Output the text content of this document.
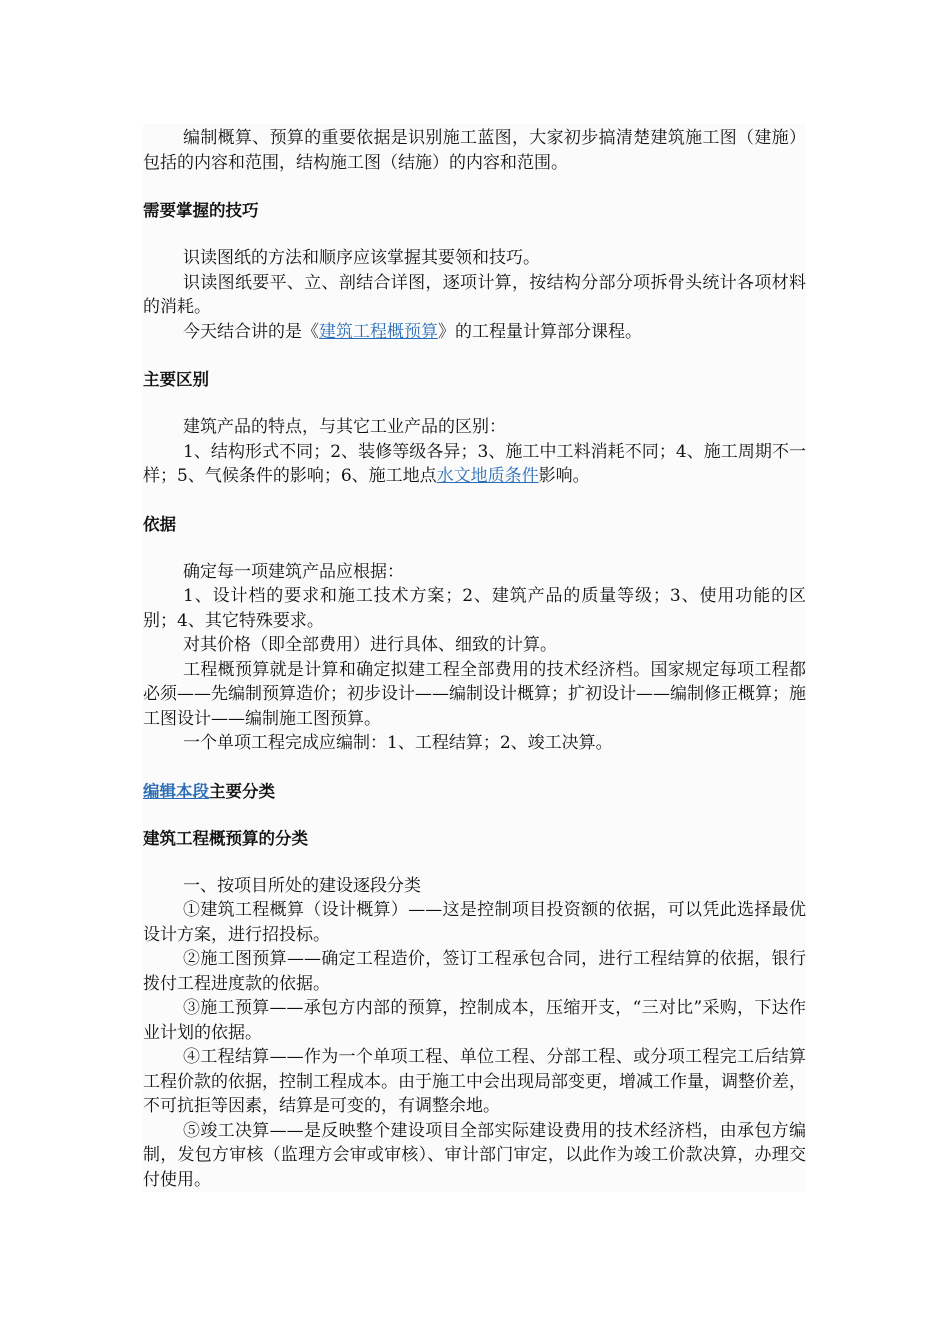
编制概算、预算的重要依据是识别施工蓝图，大家初步搞清楚建筑施工图（建施）包括的内容和范围，结构施工图（结施）的内容和范围。

需要掌握的技巧

识读图纸的方法和顺序应该掌握其要领和技巧。

识读图纸要平、立、剖结合详图，逐项计算，按结构分部分项拆骨头统计各项材料的消耗。

今天结合讲的是《建筑工程概预算》的工程量计算部分课程。

主要区别

建筑产品的特点，与其它工业产品的区别：

1、结构形式不同；2、装修等级各异；3、施工中工料消耗不同；4、施工周期不一样；5、气候条件的影响；6、施工地点水文地质条件影响。

依据

确定每一项建筑产品应根据：

1、设计档的要求和施工技术方案；2、建筑产品的质量等级；3、使用功能的区别；4、其它特殊要求。

对其价格（即全部费用）进行具体、细致的计算。

工程概预算就是计算和确定拟建工程全部费用的技术经济档。国家规定每项工程都必须——先编制预算造价；初步设计——编制设计概算；扩初设计——编制修正概算；施工图设计——编制施工图预算。

一个单项工程完成应编制：1、工程结算；2、竣工决算。

编辑本段主要分类
建筑工程概预算的分类

一、按项目所处的建设逐段分类

①建筑工程概算（设计概算）——这是控制项目投资额的依据，可以凭此选择最优设计方案，进行招投标。

②施工图预算——确定工程造价，签订工程承包合同，进行工程结算的依据，银行拨付工程进度款的依据。

③施工预算——承包方内部的预算，控制成本，压缩开支，“三对比”采购，下达作业计划的依据。

④工程结算——作为一个单项工程、单位工程、分部工程、或分项工程完工后结算工程价款的依据，控制工程成本。由于施工中会出现局部变更，增减工作量，调整价差，不可抗拒等因素，结算是可变的，有调整余地。

⑤竣工决算——是反映整个建设项目全部实际建设费用的技术经济档，由承包方编制，发包方审核（监理方会审或审核）、审计部门审定，以此作为竣工价款决算，办理交付使用。
